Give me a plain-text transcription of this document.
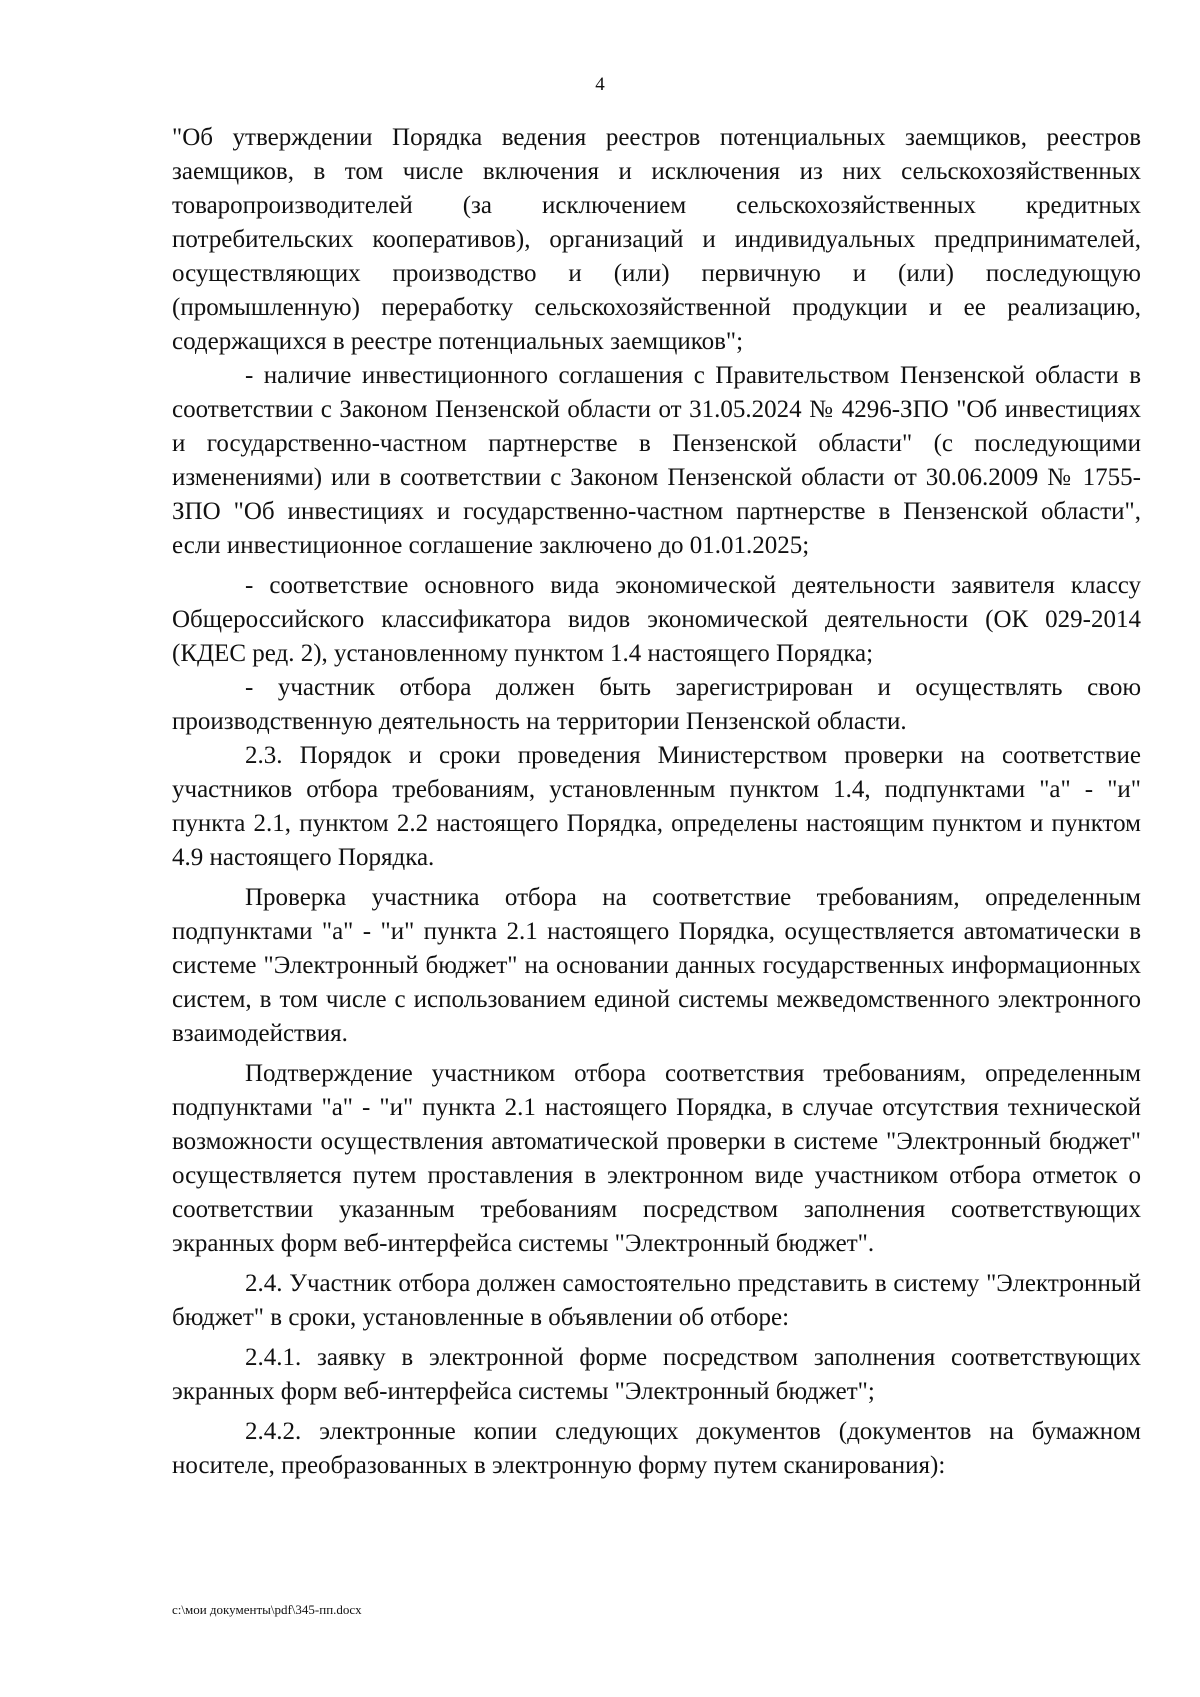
4

"Об утверждении Порядка ведения реестров потенциальных заемщиков, реестров заемщиков, в том числе включения и исключения из них сельскохозяйственных товаропроизводителей (за исключением сельскохозяйственных кредитных потребительских кооперативов), организаций и индивидуальных предпринимателей, осуществляющих производство и (или) первичную и (или) последующую (промышленную) переработку сельскохозяйственной продукции и ее реализацию, содержащихся в реестре потенциальных заемщиков";

- наличие инвестиционного соглашения с Правительством Пензенской области в соответствии с Законом Пензенской области от 31.05.2024 № 4296-ЗПО "Об инвестициях и государственно-частном партнерстве в Пензенской области" (с последующими изменениями) или в соответствии с Законом Пензенской области от 30.06.2009 № 1755-ЗПО "Об инвестициях и государственно-частном партнерстве в Пензенской области", если инвестиционное соглашение заключено до 01.01.2025;

- соответствие основного вида экономической деятельности заявителя классу Общероссийского классификатора видов экономической деятельности (ОК 029-2014 (КДЕС ред. 2), установленному пунктом 1.4 настоящего Порядка;

- участник отбора должен быть зарегистрирован и осуществлять свою производственную деятельность на территории Пензенской области.

2.3. Порядок и сроки проведения Министерством проверки на соответствие участников отбора требованиям, установленным пунктом 1.4, подпунктами "а" - "и" пункта 2.1, пунктом 2.2 настоящего Порядка, определены настоящим пунктом и пунктом 4.9 настоящего Порядка.

Проверка участника отбора на соответствие требованиям, определенным подпунктами "а" - "и" пункта 2.1 настоящего Порядка, осуществляется автоматически в системе "Электронный бюджет" на основании данных государственных информационных систем, в том числе с использованием единой системы межведомственного электронного взаимодействия.

Подтверждение участником отбора соответствия требованиям, определенным подпунктами "а" - "и" пункта 2.1 настоящего Порядка, в случае отсутствия технической возможности осуществления автоматической проверки в системе "Электронный бюджет" осуществляется путем проставления в электронном виде участником отбора отметок о соответствии указанным требованиям посредством заполнения соответствующих экранных форм веб-интерфейса системы "Электронный бюджет".

2.4. Участник отбора должен самостоятельно представить в систему "Электронный бюджет" в сроки, установленные в объявлении об отборе:

2.4.1. заявку в электронной форме посредством заполнения соответствующих экранных форм веб-интерфейса системы "Электронный бюджет";

2.4.2. электронные копии следующих документов (документов на бумажном носителе, преобразованных в электронную форму путем сканирования):

c:\мои документы\pdf\345-пп.docx
